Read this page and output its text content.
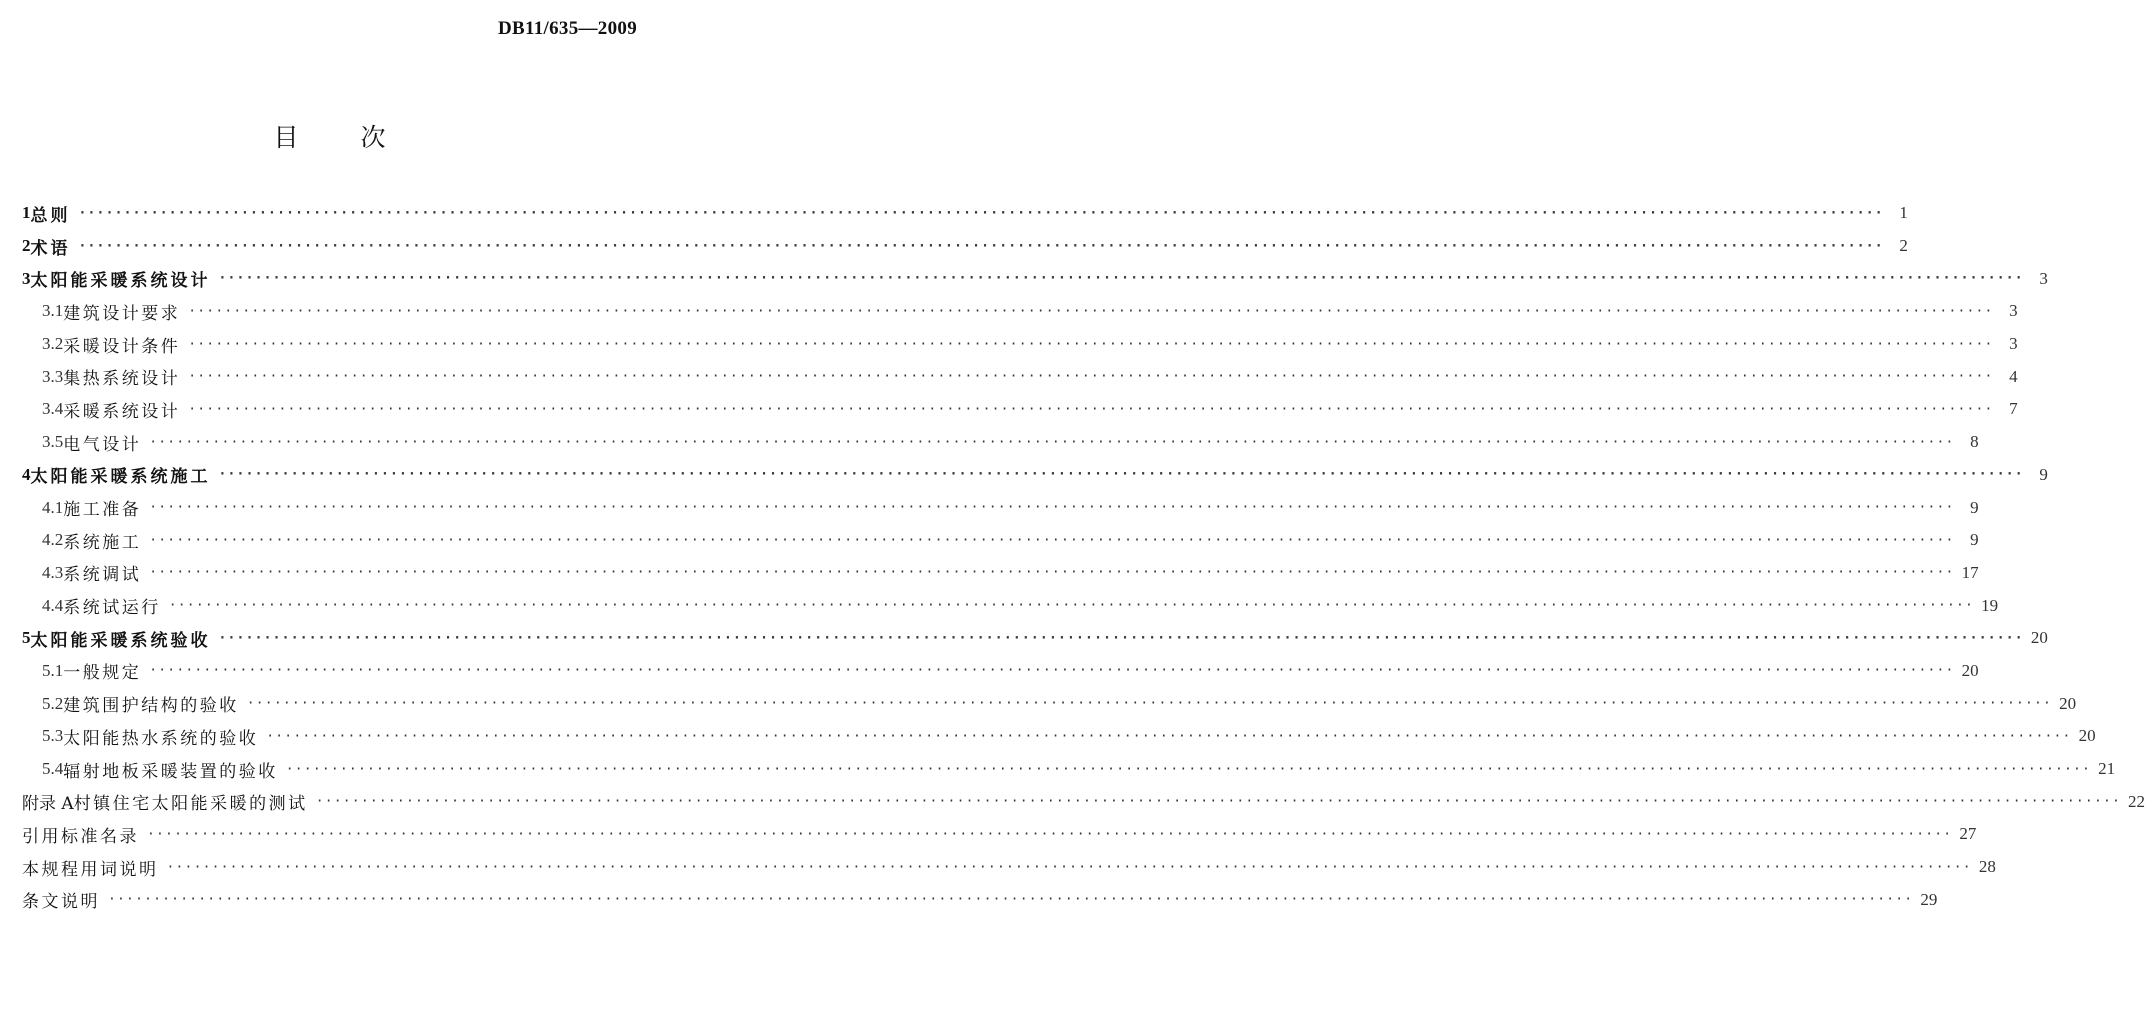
DB11/635—2009
目 次
1 总则 ········································································································································································································ 1
2 术语 ········································································································································································································ 2
3 太阳能采暖系统设计 ········································································································································································································ 3
3.1 建筑设计要求 ········································································································································································································ 3
3.2 采暖设计条件 ········································································································································································································ 3
3.3 集热系统设计 ········································································································································································································ 4
3.4 采暖系统设计 ········································································································································································································ 7
3.5 电气设计 ········································································································································································································ 8
4 太阳能采暖系统施工 ········································································································································································································ 9
4.1 施工准备 ········································································································································································································ 9
4.2 系统施工 ········································································································································································································ 9
4.3 系统调试 ········································································································································································································ 17
4.4 系统试运行 ········································································································································································································ 19
5 太阳能采暖系统验收 ········································································································································································································ 20
5.1 一般规定 ········································································································································································································ 20
5.2 建筑围护结构的验收 ········································································································································································································ 20
5.3 太阳能热水系统的验收 ········································································································································································································ 20
5.4 辐射地板采暖装置的验收 ········································································································································································································ 21
附录 A 村镇住宅太阳能采暖的测试 ········································································································································································································ 22
引用标准名录 ········································································································································································································ 27
本规程用词说明 ········································································································································································································ 28
条文说明 ········································································································································································································ 29
